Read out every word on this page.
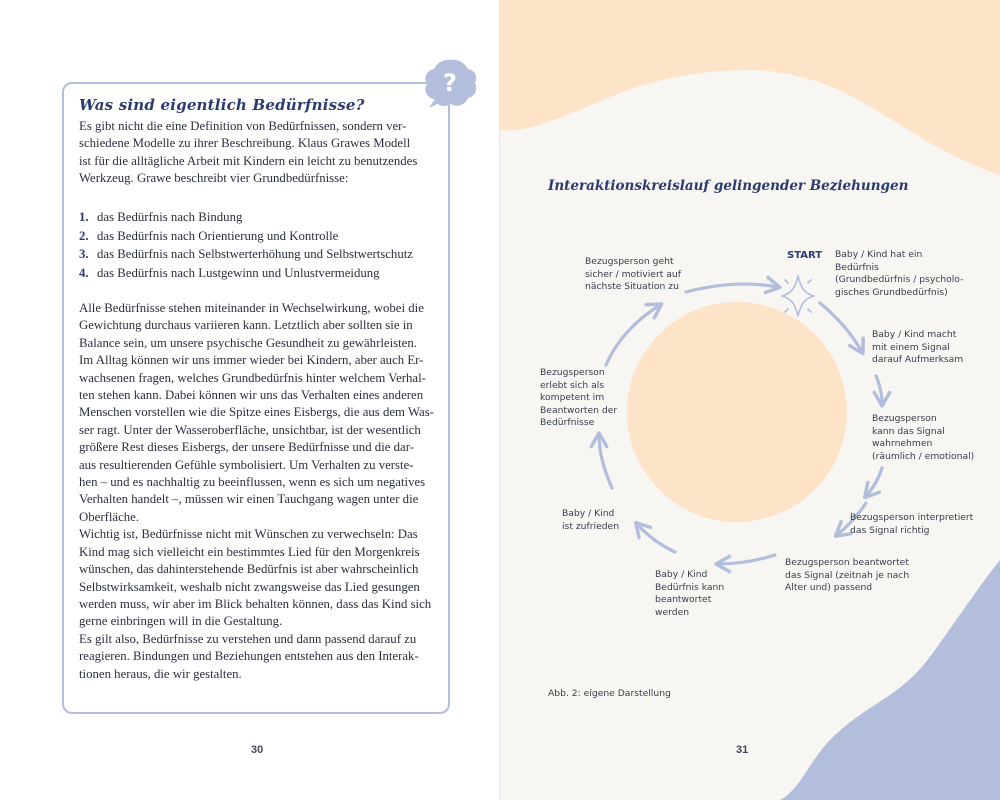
?
Was sind eigentlich Bedürfnisse?
Es gibt nicht die eine Definition von Bedürfnissen, sondern ver-
schiedene Modelle zu ihrer Beschreibung. Klaus Grawes Modell
ist für die alltägliche Arbeit mit Kindern ein leicht zu benutzendes
Werkzeug. Grawe beschreibt vier Grundbedürfnisse:
1. das Bedürfnis nach Bindung
2. das Bedürfnis nach Orientierung und Kontrolle
3. das Bedürfnis nach Selbstwerterhöhung und Selbstwertschutz
4. das Bedürfnis nach Lustgewinn und Unlustvermeidung
Alle Bedürfnisse stehen miteinander in Wechselwirkung, wobei die
Gewichtung durchaus variieren kann. Letztlich aber sollten sie in
Balance sein, um unsere psychische Gesundheit zu gewährleisten.
Im Alltag können wir uns immer wieder bei Kindern, aber auch Er-
wachsenen fragen, welches Grundbedürfnis hinter welchem Verhal-
ten stehen kann. Dabei können wir uns das Verhalten eines anderen
Menschen vorstellen wie die Spitze eines Eisbergs, die aus dem Was-
ser ragt. Unter der Wasseroberfläche, unsichtbar, ist der wesentlich
größere Rest dieses Eisbergs, der unsere Bedürfnisse und die dar-
aus resultierenden Gefühle symbolisiert. Um Verhalten zu verste-
hen – und es nachhaltig zu beeinflussen, wenn es sich um negatives
Verhalten handelt –, müssen wir einen Tauchgang wagen unter die
Oberfläche.
Wichtig ist, Bedürfnisse nicht mit Wünschen zu verwechseln: Das
Kind mag sich vielleicht ein bestimmtes Lied für den Morgenkreis
wünschen, das dahinterstehende Bedürfnis ist aber wahrscheinlich
Selbstwirksamkeit, weshalb nicht zwangsweise das Lied gesungen
werden muss, wir aber im Blick behalten können, dass das Kind sich
gerne einbringen will in die Gestaltung.
Es gilt also, Bedürfnisse zu verstehen und dann passend darauf zu
reagieren. Bindungen und Beziehungen entstehen aus den Interak-
tionen heraus, die wir gestalten.
30
Interaktionskreislauf gelingender Beziehungen
START Baby / Kind hat ein
Bedürfnis
(Grundbedürfnis / psycholo-
gisches Grundbedürfnis)
Baby / Kind macht
mit einem Signal
darauf Aufmerksam
Bezugsperson
kann das Signal
wahrnehmen
(räumlich / emotional)
Bezugsperson interpretiert
das Signal richtig
Bezugsperson beantwortet
das Signal (zeitnah je nach
Alter und) passend
Baby / Kind
Bedürfnis kann
beantwortet
werden
Baby / Kind
ist zufrieden
Bezugsperson
erlebt sich als
kompetent im
Beantworten der
Bedürfnisse
Bezugsperson geht
sicher / motiviert auf
nächste Situation zu
Abb. 2: eigene Darstellung
31
